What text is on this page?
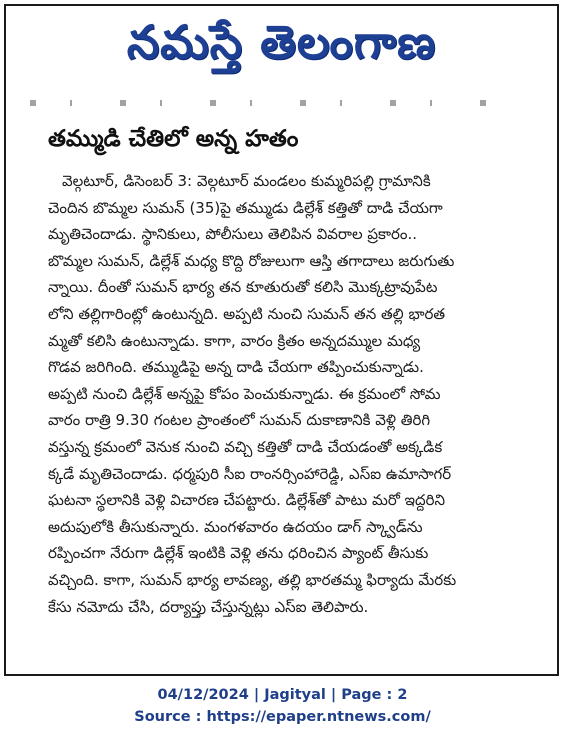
నమస్తే తెలంగాణ
తమ్ముడి చేతిలో అన్న హతం

వెల్గటూర్, డిసెంబర్ 3: వెల్గటూర్ మండలం కుమ్మరిపల్లి గ్రామానికి

చెందిన బొమ్మల సుమన్ (35)పై తమ్ముడు డిల్లేశ్ కత్తితో దాడి చేయగా

మృతిచెందాడు. స్థానికులు, పోలీసులు తెలిపిన వివరాల ప్రకారం..

బొమ్మల సుమన్, డిల్లేశ్ మధ్య కొద్ది రోజులుగా ఆస్తి తగాదాలు జరుగుతు

న్నాయి. దీంతో సుమన్ భార్య తన కూతురుతో కలిసి మొక్కట్రావుపేట

లోని తల్లిగారింట్లో ఉంటున్నది. అప్పటి నుంచి సుమన్ తన తల్లి భారత

మ్మతో కలిసి ఉంటున్నాడు. కాగా, వారం క్రితం అన్నదమ్ముల మధ్య

గొడవ జరిగింది. తమ్ముడిపై అన్న దాడి చేయగా తప్పించుకున్నాడు.

అప్పటి నుంచి డిల్లేశ్ అన్నపై కోపం పెంచుకున్నాడు. ఈ క్రమంలో సోమ

వారం రాత్రి 9.30 గంటల ప్రాంతంలో సుమన్ దుకాణానికి వెళ్లి తిరిగి

వస్తున్న క్రమంలో వెనుక నుంచి వచ్చి కత్తితో దాడి చేయడంతో అక్కడిక

క్కడే మృతిచెందాడు. ధర్మపురి సీఐ రాంనర్సింహారెడ్డి, ఎస్ఐ ఉమాసాగర్

ఘటనా స్థలానికి వెళ్లి విచారణ చేపట్టారు. డిల్లేశ్‌తో పాటు మరో ఇద్దరిని

అదుపులోకి తీసుకున్నారు. మంగళవారం ఉదయం డాగ్ స్క్వాడ్‌ను

రప్పించగా నేరుగా డిల్లేశ్ ఇంటికి వెళ్లి తను ధరించిన ప్యాంట్ తీసుకు

వచ్చింది. కాగా, సుమన్ భార్య లావణ్య, తల్లి భారతమ్మ ఫిర్యాదు మేరకు

కేసు నమోదు చేసి, దర్యాప్తు చేస్తున్నట్లు ఎస్ఐ తెలిపారు.

04/12/2024 | Jagityal | Page : 2
Source : https://epaper.ntnews.com/
